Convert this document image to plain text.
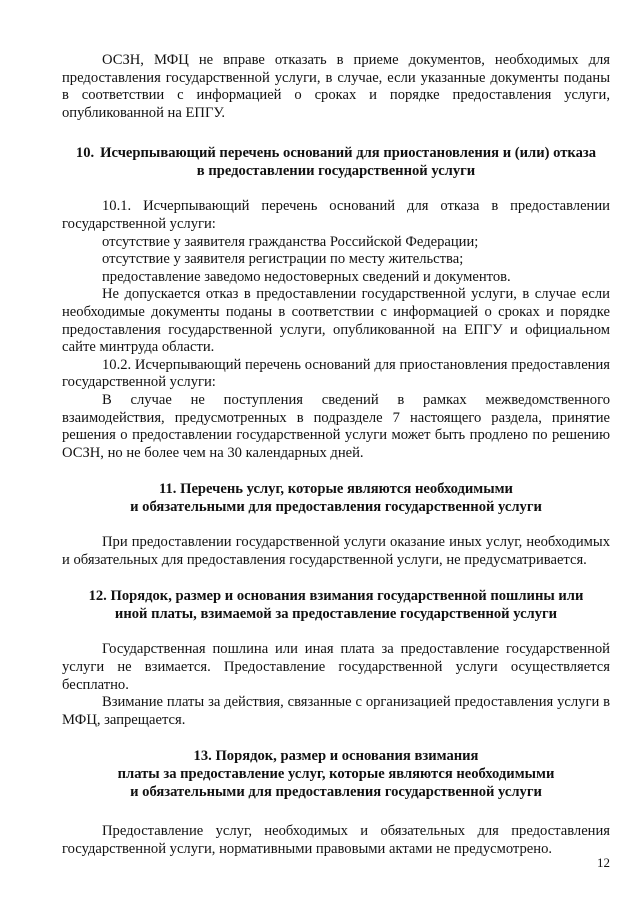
ОСЗН, МФЦ не вправе отказать в приеме документов, необходимых для предоставления государственной услуги, в случае, если указанные документы поданы в соответствии с информацией о сроках и порядке предоставления услуги, опубликованной на ЕПГУ.

10. Исчерпывающий перечень оснований для приостановления и (или) отказа

в предоставлении государственной услуги

10.1. Исчерпывающий перечень оснований для отказа в предоставлении государственной услуги:

отсутствие у заявителя гражданства Российской Федерации;

отсутствие у заявителя регистрации по месту жительства;

предоставление заведомо недостоверных сведений и документов.

Не допускается отказ в предоставлении государственной услуги, в случае если необходимые документы поданы в соответствии с информацией о сроках и порядке предоставления государственной услуги, опубликованной на ЕПГУ и официальном сайте минтруда области.

10.2. Исчерпывающий перечень оснований для приостановления предоставления государственной услуги:

В случае не поступления сведений в рамках межведомственного взаимодействия, предусмотренных в подразделе 7 настоящего раздела, принятие решения о предоставлении государственной услуги может быть продлено по решению ОСЗН, но не более чем на 30 календарных дней.

11. Перечень услуг, которые являются необходимыми

и обязательными для предоставления государственной услуги

При предоставлении государственной услуги оказание иных услуг, необходимых и обязательных для предоставления государственной услуги, не предусматривается.

12. Порядок, размер и основания взимания государственной пошлины или

иной платы, взимаемой за предоставление государственной услуги

Государственная пошлина или иная плата за предоставление государственной услуги не взимается. Предоставление государственной услуги осуществляется бесплатно.

Взимание платы за действия, связанные с организацией предоставления услуги в МФЦ, запрещается.

13. Порядок, размер и основания взимания

платы за предоставление услуг, которые являются необходимыми

и обязательными для предоставления государственной услуги

Предоставление услуг, необходимых и обязательных для предоставления государственной услуги, нормативными правовыми актами не предусмотрено.

12
